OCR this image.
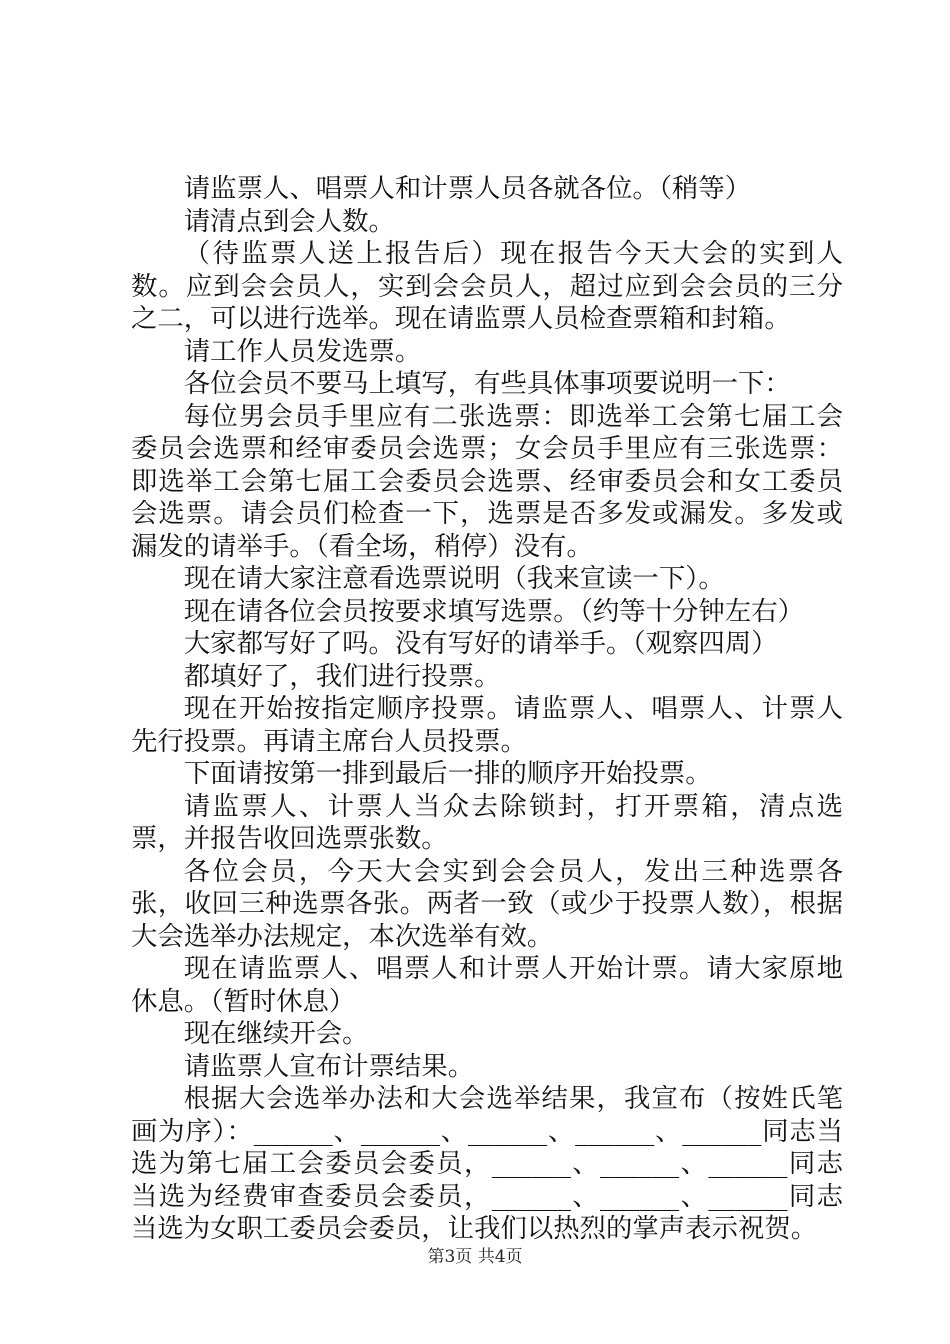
请监票人、唱票人和计票人员各就各位。（稍等）

请清点到会人数。

（待监票人送上报告后）现在报告今天大会的实到人数。应到会会员人，实到会会员人，超过应到会会员的三分之二，可以进行选举。现在请监票人员检查票箱和封箱。

请工作人员发选票。

各位会员不要马上填写，有些具体事项要说明一下：

每位男会员手里应有二张选票：即选举工会第七届工会委员会选票和经审委员会选票；女会员手里应有三张选票：即选举工会第七届工会委员会选票、经审委员会和女工委员会选票。请会员们检查一下，选票是否多发或漏发。多发或漏发的请举手。（看全场，稍停）没有。

现在请大家注意看选票说明（我来宣读一下）。

现在请各位会员按要求填写选票。（约等十分钟左右）

大家都写好了吗。没有写好的请举手。（观察四周）

都填好了，我们进行投票。

现在开始按指定顺序投票。请监票人、唱票人、计票人先行投票。再请主席台人员投票。

下面请按第一排到最后一排的顺序开始投票。

请监票人、计票人当众去除锁封，打开票箱，清点选票，并报告收回选票张数。

各位会员，今天大会实到会会员人，发出三种选票各张，收回三种选票各张。两者一致（或少于投票人数），根据大会选举办法规定，本次选举有效。

现在请监票人、唱票人和计票人开始计票。请大家原地休息。（暂时休息）

现在继续开会。

请监票人宣布计票结果。

根据大会选举办法和大会选举结果，我宣布（按姓氏笔画为序）：______、______、______、______、______同志当选为第七届工会委员会委员，______、______、______同志当选为经费审查委员会委员，______、______、______同志当选为女职工委员会委员，让我们以热烈的掌声表示祝贺。

第3页 共4页
